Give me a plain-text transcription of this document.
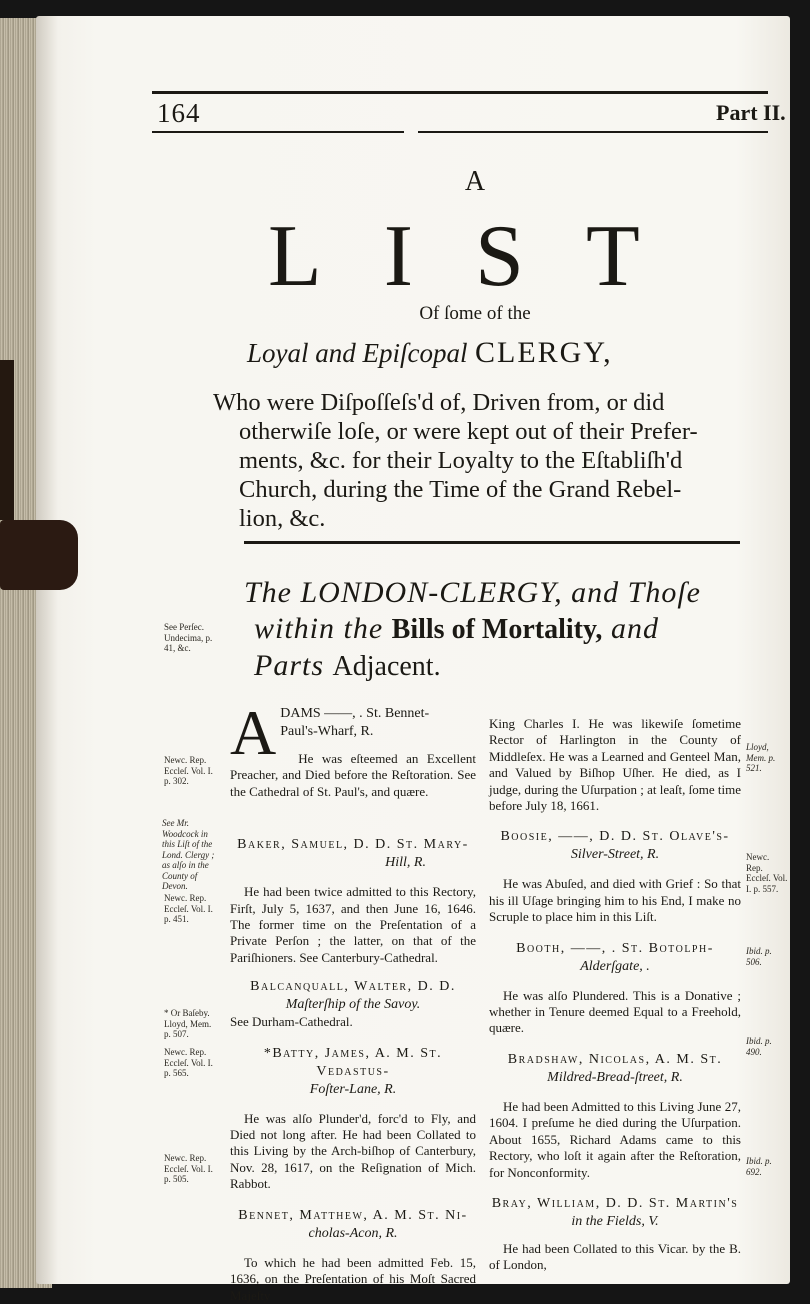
164	Part II.
A
LIST
Of ſome of the
Loyal and Epiſcopal CLERGY,
Who were Diſpoſſeſs'd of, Driven from, or did
otherwiſe loſe, or were kept out of their Prefer-
ments, &c. for their Loyalty to the Eſtabliſh'd
Church, during the Time of the Grand Rebel-
lion, &c.
The LONDON-CLERGY, and Thoſe
within the Bills of Mortality, and
Parts Adjacent.
See Perſec. Undecima, p. 41, &c.
Newc. Rep. Eccleſ. Vol. I. p. 302.
See Mr. Woodcock in this Liſt of the Lond. Clergy ; as alſo in the County of Devon.
Newc. Rep. Eccleſ. Vol. I. p. 451.
* Or Baſeby. Lloyd, Mem. p. 507.
Newc. Rep. Eccleſ. Vol. I. p. 565.
Newc. Rep. Eccleſ. Vol. I. p. 505.
Lloyd, Mem. p. 521.
Newc. Rep. Eccleſ. Vol. I. p. 557.
Ibid. p. 506.
Ibid. p. 490.
Ibid. p. 692.
A DAMS ——, . St. Bennet-
Paul's-Wharf, R.

He was eſteemed an Excellent Preacher, and Died before the Reſtoration. See the Cathedral of St. Paul's, and quære.

Baker, Samuel, D. D. St. Mary-
Hill, R.

He had been twice admitted to this Rectory, Firſt, July 5, 1637, and then June 16, 1646. The former time on the Preſentation of a Private Perſon ; the latter, on that of the Pariſhioners. See Canterbury-Cathedral.

Balcanquall, Walter, D. D.
Maſterſhip of the Savoy.

See Durham-Cathedral.

*Batty, James, A. M. St. Vedaſtus-
Foſter-Lane, R.

He was alſo Plunder'd, forc'd to Fly, and Died not long after. He had been Collated to this Living by the Arch-biſhop of Canterbury, Nov. 28, 1617, on the Reſignation of Mich. Rabbot.

Bennet, Matthew, A. M. St. Ni-
cholas-Acon, R.

To which he had been admitted Feb. 15, 1636, on the Preſentation of his Moſt Sacred Majeſty

King Charles I. He was likewiſe ſometime Rector of Harlington in the County of Middleſex. He was a Learned and Genteel Man, and Valued by Biſhop Uſher. He died, as I judge, during the Uſurpation ; at leaſt, ſome time before July 18, 1661.

Boosie, ——, D. D. St. Olave's-
Silver-Street, R.

He was Abuſed, and died with Grief : So that his ill Uſage bringing him to his End, I make no Scruple to place him in this Liſt.

Booth, ——, . St. Botolph-
Alderſgate, .

He was alſo Plundered. This is a Donative ; whether in Tenure deemed Equal to a Freehold, quære.

Bradshaw, Nicolas, A. M. St.
Mildred-Bread-ſtreet, R.

He had been Admitted to this Living June 27, 1604. I preſume he died during the Uſurpation. About 1655, Richard Adams came to this Rectory, who loſt it again after the Reſtoration, for Nonconformity.

Bray, William, D. D. St. Martin's
in the Fields, V.

He had been Collated to this Vicar. by the B. of London,
